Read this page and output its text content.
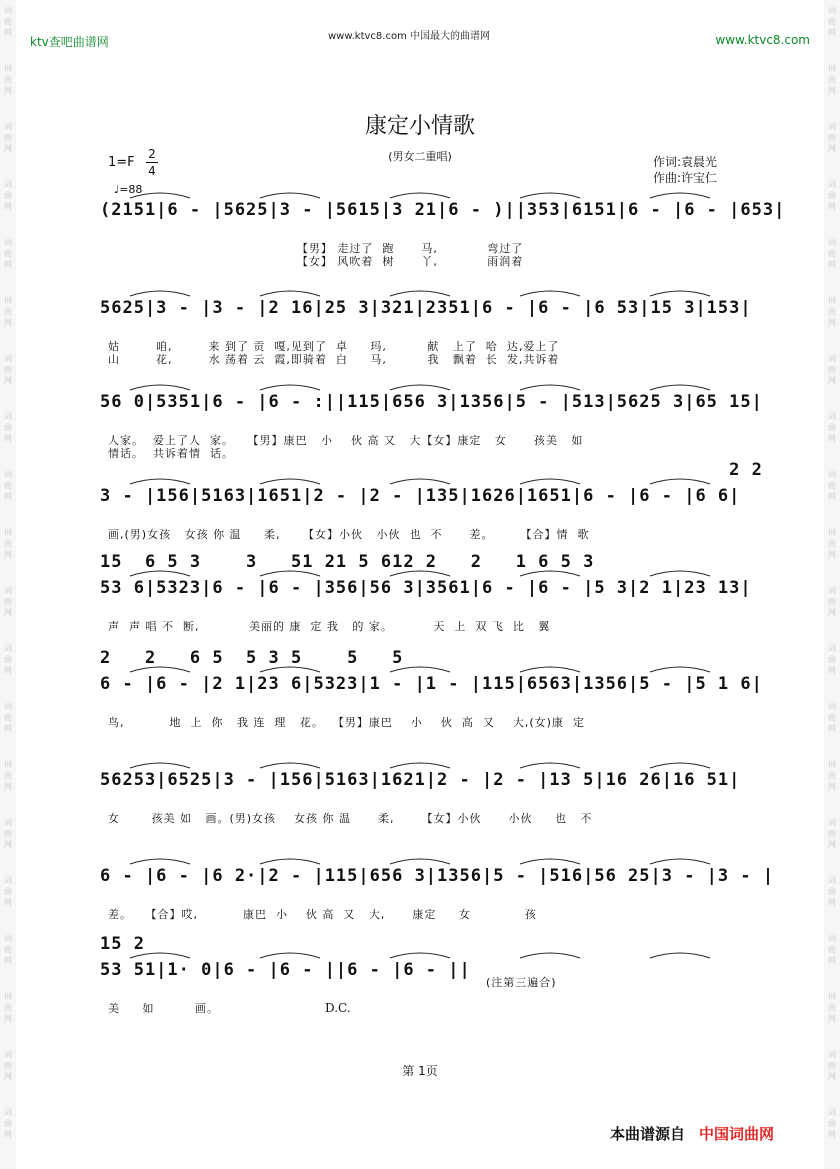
词
曲
网
词
曲
网
词
曲
网
词
曲
网
词
曲
网
词
曲
网
词
曲
网
词
曲
网
词
曲
网
词
曲
网
词
曲
网
词
曲
网
词
曲
网
词
曲
网
词
曲
网
词
曲
网
词
曲
网
词
曲
网
词
曲
网
词
曲
网
词
曲
网
词
曲
网
词
曲
网
词
曲
网
词
曲
网
词
曲
网
词
曲
网
词
曲
网
词
曲
网
词
曲
网
词
曲
网
词
曲
网
词
曲
网
词
曲
网
词
曲
网
词
曲
网
词
曲
网
词
曲
网
词
曲
网
词
曲
网
ktv查吧曲谱网	www.ktvc8.com 中国最大的曲谱网	www.ktvc8.com
康定小情歌
(男女二重唱)
1=F
2
4
♩=88
作词:袁晨光
作曲:许宝仁
(2151|6 - |5625|3 - |5615|3 21|6 - )||353|6151|6 - |6 - |653|
【男】 走过了  跑      马,           弯过了
【女】 风吹着  树      丫,           雨润着
5625|3 - |3 - |2 16|25 3|321|2351|6 - |6 - |6 53|15 3|153|
姑        咱,        来 到了 贡  嘎,见到了  卓     玛,         献   上了  哈  达,爱上了
山        花,        水 荡着 云  霞,即骑着  白     马,         我   飘着  长  发,共诉着
56 0|5351|6 - |6 - :||115|656 3|1356|5 - |513|5625 3|65 15|
人家。  爱上了人  家。   【男】康巴   小    伙 高 又   大【女】康定   女      孩美   如
情话。  共诉着情  话。
2 2
3 - |156|5163|1651|2 - |2 - |135|1626|1651|6 - |6 - |6 6|
画,(男)女孩   女孩 你 温     柔,     【女】小伙   小伙  也  不      差。      【合】情  歌
15  6 5 3    3   51 21 5 612 2   2   1 6 5 3
53 6|5323|6 - |6 - |356|56 3|3561|6 - |6 - |5 3|2 1|23 13|
声  声 唱 不  断,           美丽的 康  定 我   的 家。         天  上  双 飞  比   翼
2   2   6 5  5 3 5    5   5
6 - |6 - |2 1|23 6|5323|1 - |1 - |115|6563|1356|5 - |5 1 6|
鸟,          地  上  你   我 连  理   花。  【男】康巴    小    伙  高  又    大,(女)康  定
56253|6525|3 - |156|5163|1621|2 - |2 - |13 5|16 26|16 51|
女       孩美 如   画。(男)女孩    女孩 你 温      柔,      【女】小伙      小伙     也   不
6 - |6 - |6 2·|2 - |115|656 3|1356|5 - |516|56 25|3 - |3 - |
差。   【合】哎,          康巴  小    伙 高  又   大,      康定     女            孩
15 2
53 51|1· 0|6 - |6 - ||6 - |6 - ||
美     如         画。
(注第三遍合)
D.C.
第 1页
本曲谱源自 中国词曲网
